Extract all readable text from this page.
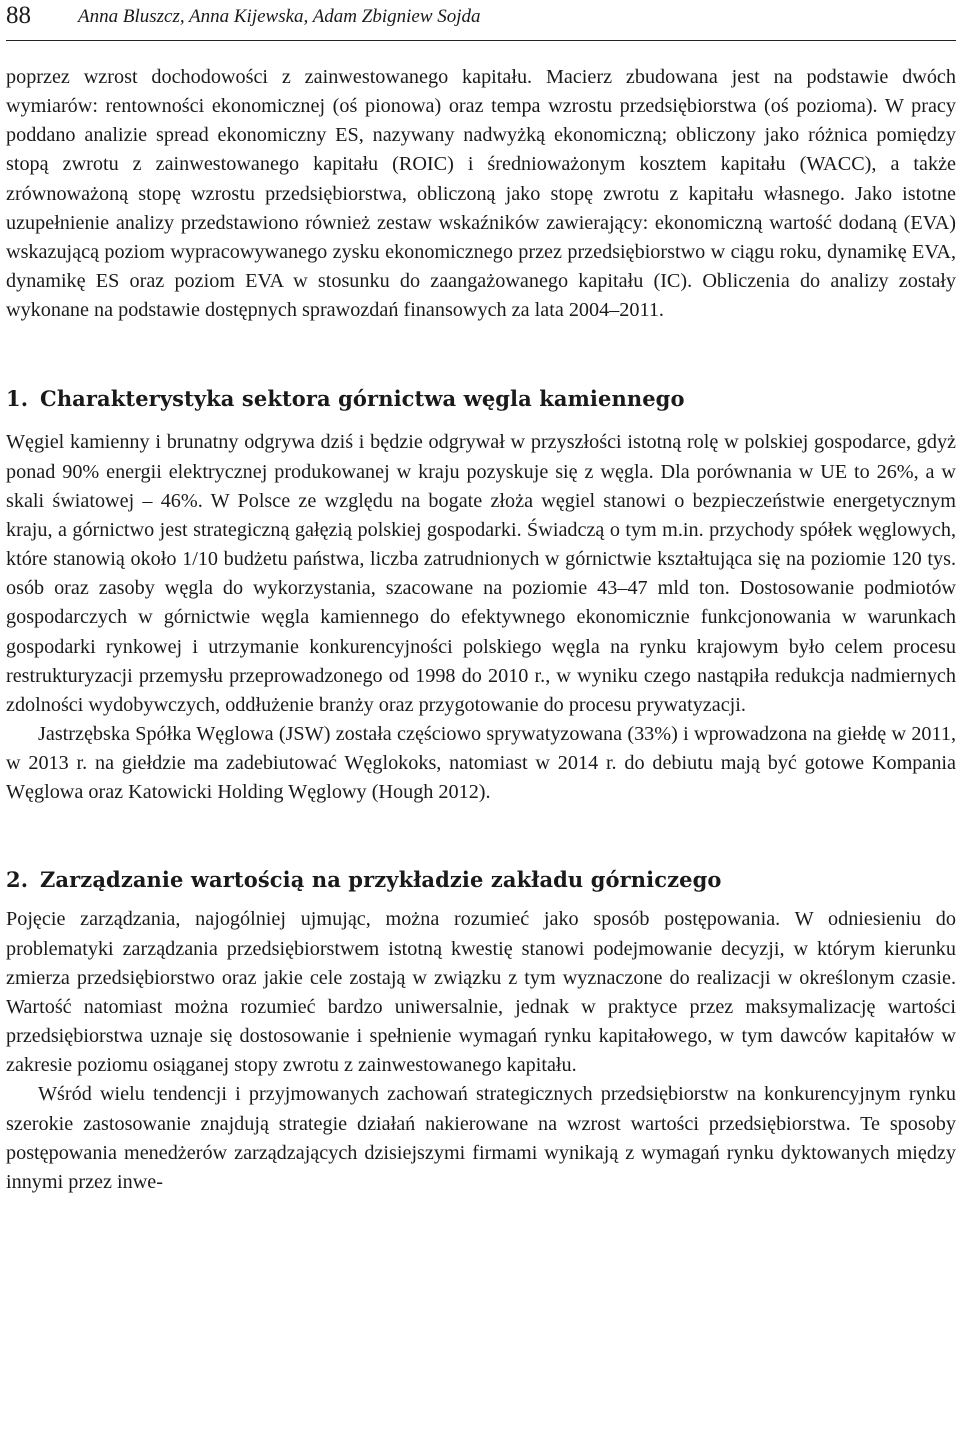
88 Anna Bluszcz, Anna Kijewska, Adam Zbigniew Sojda

poprzez wzrost dochodowości z zainwestowanego kapitału. Macierz zbudowana jest na podstawie dwóch wymiarów: rentowności ekonomicznej (oś pionowa) oraz tempa wzrostu przedsiębiorstwa (oś pozioma). W pracy poddano analizie spread ekonomiczny ES, nazywany nadwyżką ekonomiczną; obliczony jako różnica pomiędzy stopą zwrotu z zainwestowanego kapitału (ROIC) i średnioważonym kosztem kapitału (WACC), a także zrównoważoną stopę wzrostu przedsiębiorstwa, obliczoną jako stopę zwrotu z kapitału własnego. Jako istotne uzupełnienie analizy przedstawiono również zestaw wskaźników zawierający: ekonomiczną wartość dodaną (EVA) wskazującą poziom wypracowywanego zysku ekonomicznego przez przedsiębiorstwo w ciągu roku, dynamikę EVA, dynamikę ES oraz poziom EVA w stosunku do zaangażowanego kapitału (IC). Obliczenia do analizy zostały wykonane na podstawie dostępnych sprawozdań finansowych za lata 2004–2011.

1. Charakterystyka sektora górnictwa węgla kamiennego

Węgiel kamienny i brunatny odgrywa dziś i będzie odgrywał w przyszłości istotną rolę w polskiej gospodarce, gdyż ponad 90% energii elektrycznej produkowanej w kraju pozyskuje się z węgla. Dla porównania w UE to 26%, a w skali światowej – 46%. W Polsce ze względu na bogate złoża węgiel stanowi o bezpieczeństwie energetycznym kraju, a górnictwo jest strategiczną gałęzią polskiej gospodarki. Świadczą o tym m.in. przychody spółek węglowych, które stanowią około 1/10 budżetu państwa, liczba zatrudnionych w górnictwie kształtująca się na poziomie 120 tys. osób oraz zasoby węgla do wykorzystania, szacowane na poziomie 43–47 mld ton. Dostosowanie podmiotów gospodarczych w górnictwie węgla kamiennego do efektywnego ekonomicznie funkcjonowania w warunkach gospodarki rynkowej i utrzymanie konkurencyjności polskiego węgla na rynku krajowym było celem procesu restrukturyzacji przemysłu przeprowadzonego od 1998 do 2010 r., w wyniku czego nastąpiła redukcja nadmiernych zdolności wydobywczych, oddłużenie branży oraz przygotowanie do procesu prywatyzacji.

Jastrzębska Spółka Węglowa (JSW) została częściowo sprywatyzowana (33%) i wprowadzona na giełdę w 2011, w 2013 r. na giełdzie ma zadebiutować Węglokoks, natomiast w 2014 r. do debiutu mają być gotowe Kompania Węglowa oraz Katowicki Holding Węglowy (Hough 2012).

2. Zarządzanie wartością na przykładzie zakładu górniczego

Pojęcie zarządzania, najogólniej ujmując, można rozumieć jako sposób postępowania. W odniesieniu do problematyki zarządzania przedsiębiorstwem istotną kwestię stanowi podejmowanie decyzji, w którym kierunku zmierza przedsiębiorstwo oraz jakie cele zostają w związku z tym wyznaczone do realizacji w określonym czasie. Wartość natomiast można rozumieć bardzo uniwersalnie, jednak w praktyce przez maksymalizację wartości przedsiębiorstwa uznaje się dostosowanie i spełnienie wymagań rynku kapitałowego, w tym dawców kapitałów w zakresie poziomu osiąganej stopy zwrotu z zainwestowanego kapitału.

Wśród wielu tendencji i przyjmowanych zachowań strategicznych przedsiębiorstw na konkurencyjnym rynku szerokie zastosowanie znajdują strategie działań nakierowane na wzrost wartości przedsiębiorstwa. Te sposoby postępowania menedżerów zarządzających dzisiejszymi firmami wynikają z wymagań rynku dyktowanych między innymi przez inwe-
